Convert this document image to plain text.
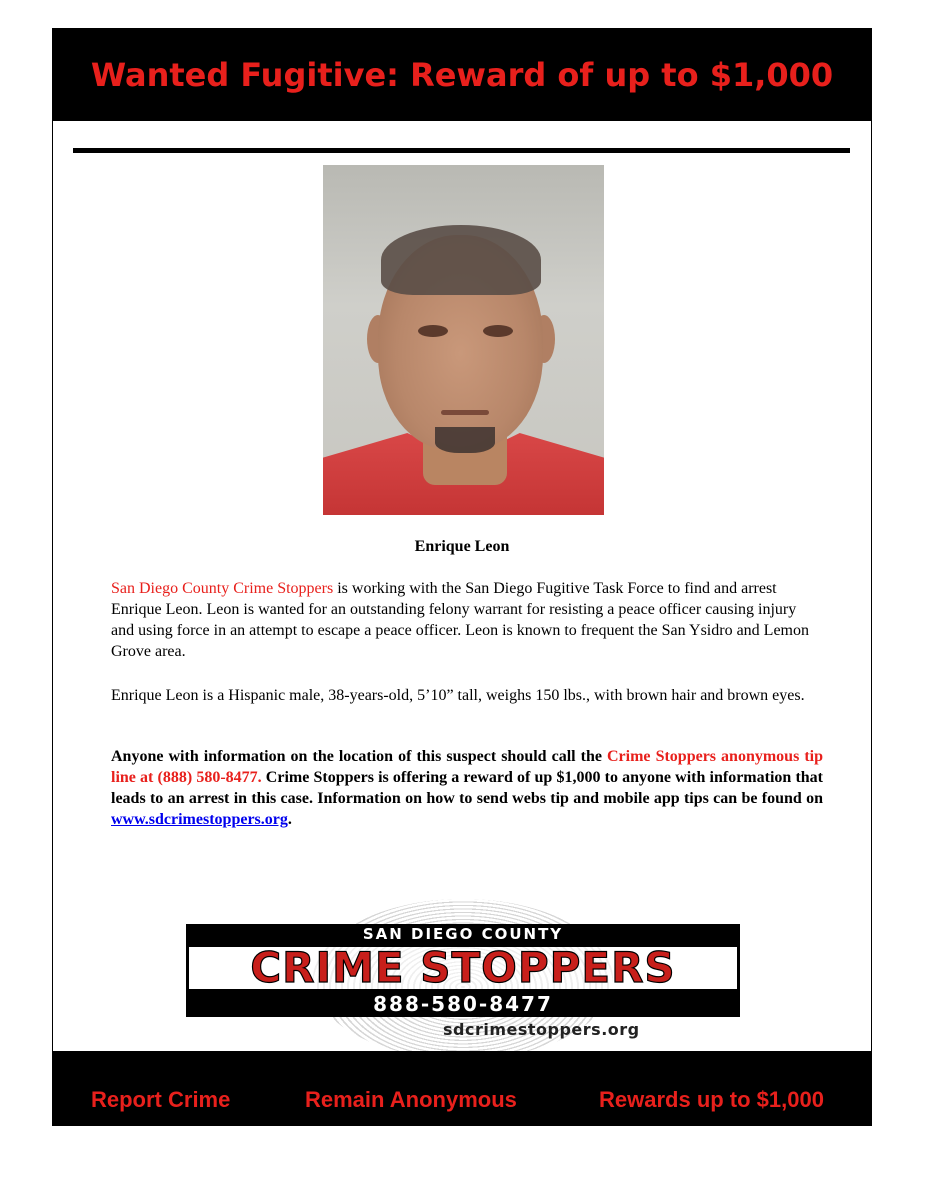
Wanted Fugitive: Reward of up to $1,000
Enrique Leon

San Diego County Crime Stoppers is working with the San Diego Fugitive Task Force to find and arrest Enrique Leon. Leon is wanted for an outstanding felony warrant for resisting a peace officer causing injury and using force in an attempt to escape a peace officer. Leon is known to frequent the San Ysidro and Lemon Grove area.

Enrique Leon is a Hispanic male, 38-years-old, 5’10” tall, weighs 150 lbs., with brown hair and brown eyes.

Anyone with information on the location of this suspect should call the Crime Stoppers anonymous tip line at (888) 580-8477. Crime Stoppers is offering a reward of up $1,000 to anyone with information that leads to an arrest in this case. Information on how to send webs tip and mobile app tips can be found on www.sdcrimestoppers.org.

SAN DIEGO COUNTY
CRIME STOPPERS
888-580-8477
sdcrimestoppers.org
Report Crime	Remain Anonymous	Rewards up to $1,000
